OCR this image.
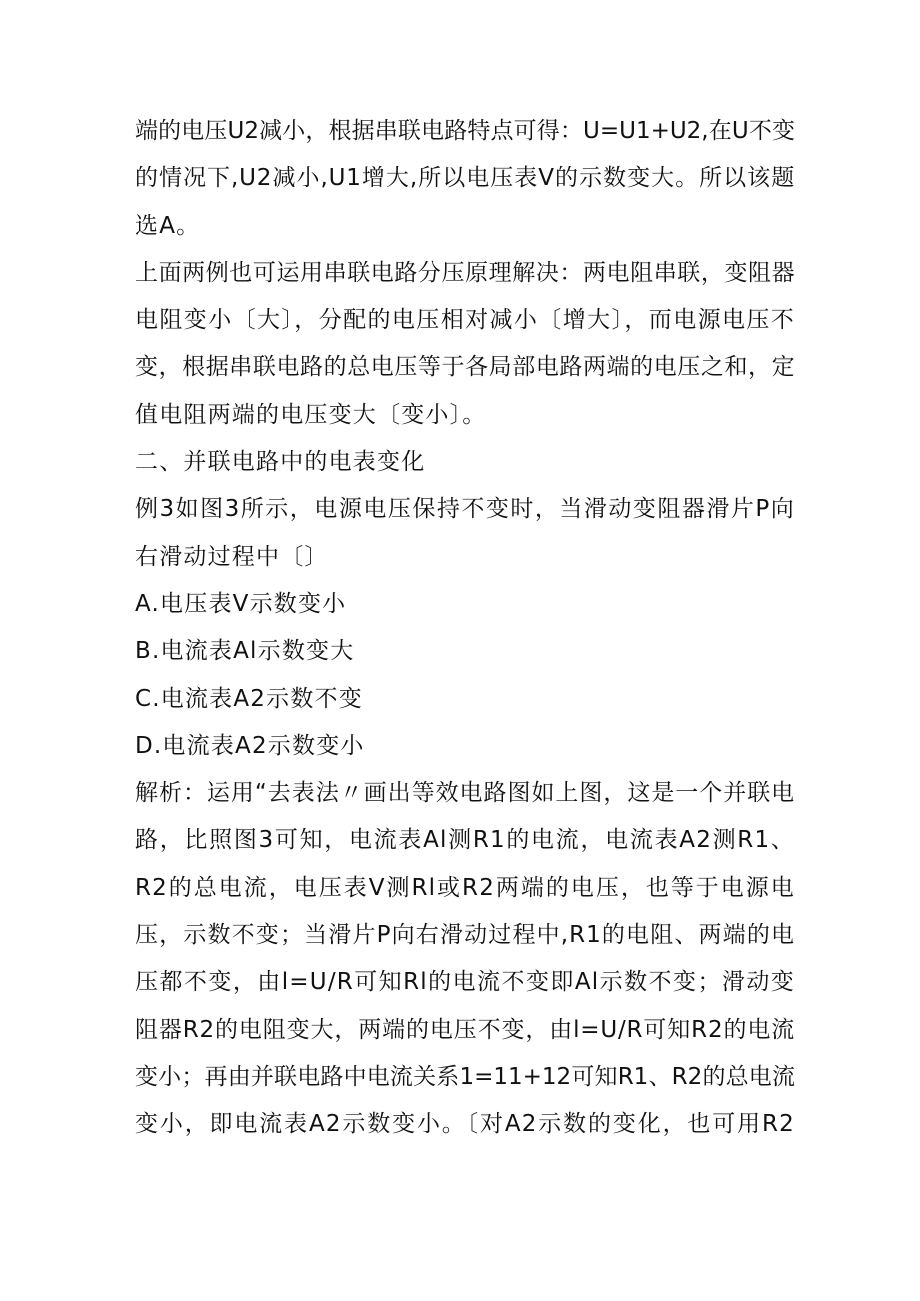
端的电压U2减小，根据串联电路特点可得：U=U1+U2,在U不变
的情况下,U2减小,U1增大,所以电压表V的示数变大。所以该题
选A。
上面两例也可运用串联电路分压原理解决：两电阻串联，变阻器
电阻变小〔大〕，分配的电压相对减小〔增大〕，而电源电压不
变，根据串联电路的总电压等于各局部电路两端的电压之和，定
值电阻两端的电压变大〔变小〕。
二、并联电路中的电表变化
例3如图3所示，电源电压保持不变时，当滑动变阻器滑片P向
右滑动过程中〔〕
A.电压表V示数变小
B.电流表Al示数变大
C.电流表A2示数不变
D.电流表A2示数变小
解析：运用“去表法〃画出等效电路图如上图，这是一个并联电
路，比照图3可知，电流表Al测R1的电流，电流表A2测R1、
R2的总电流，电压表V测Rl或R2两端的电压，也等于电源电
压，示数不变；当滑片P向右滑动过程中,R1的电阻、两端的电
压都不变，由l=U/R可知Rl的电流不变即Al示数不变；滑动变
阻器R2的电阻变大，两端的电压不变，由l=U/R可知R2的电流
变小；再由并联电路中电流关系1=11+12可知R1、R2的总电流
变小，即电流表A2示数变小。〔对A2示数的变化，也可用R2
